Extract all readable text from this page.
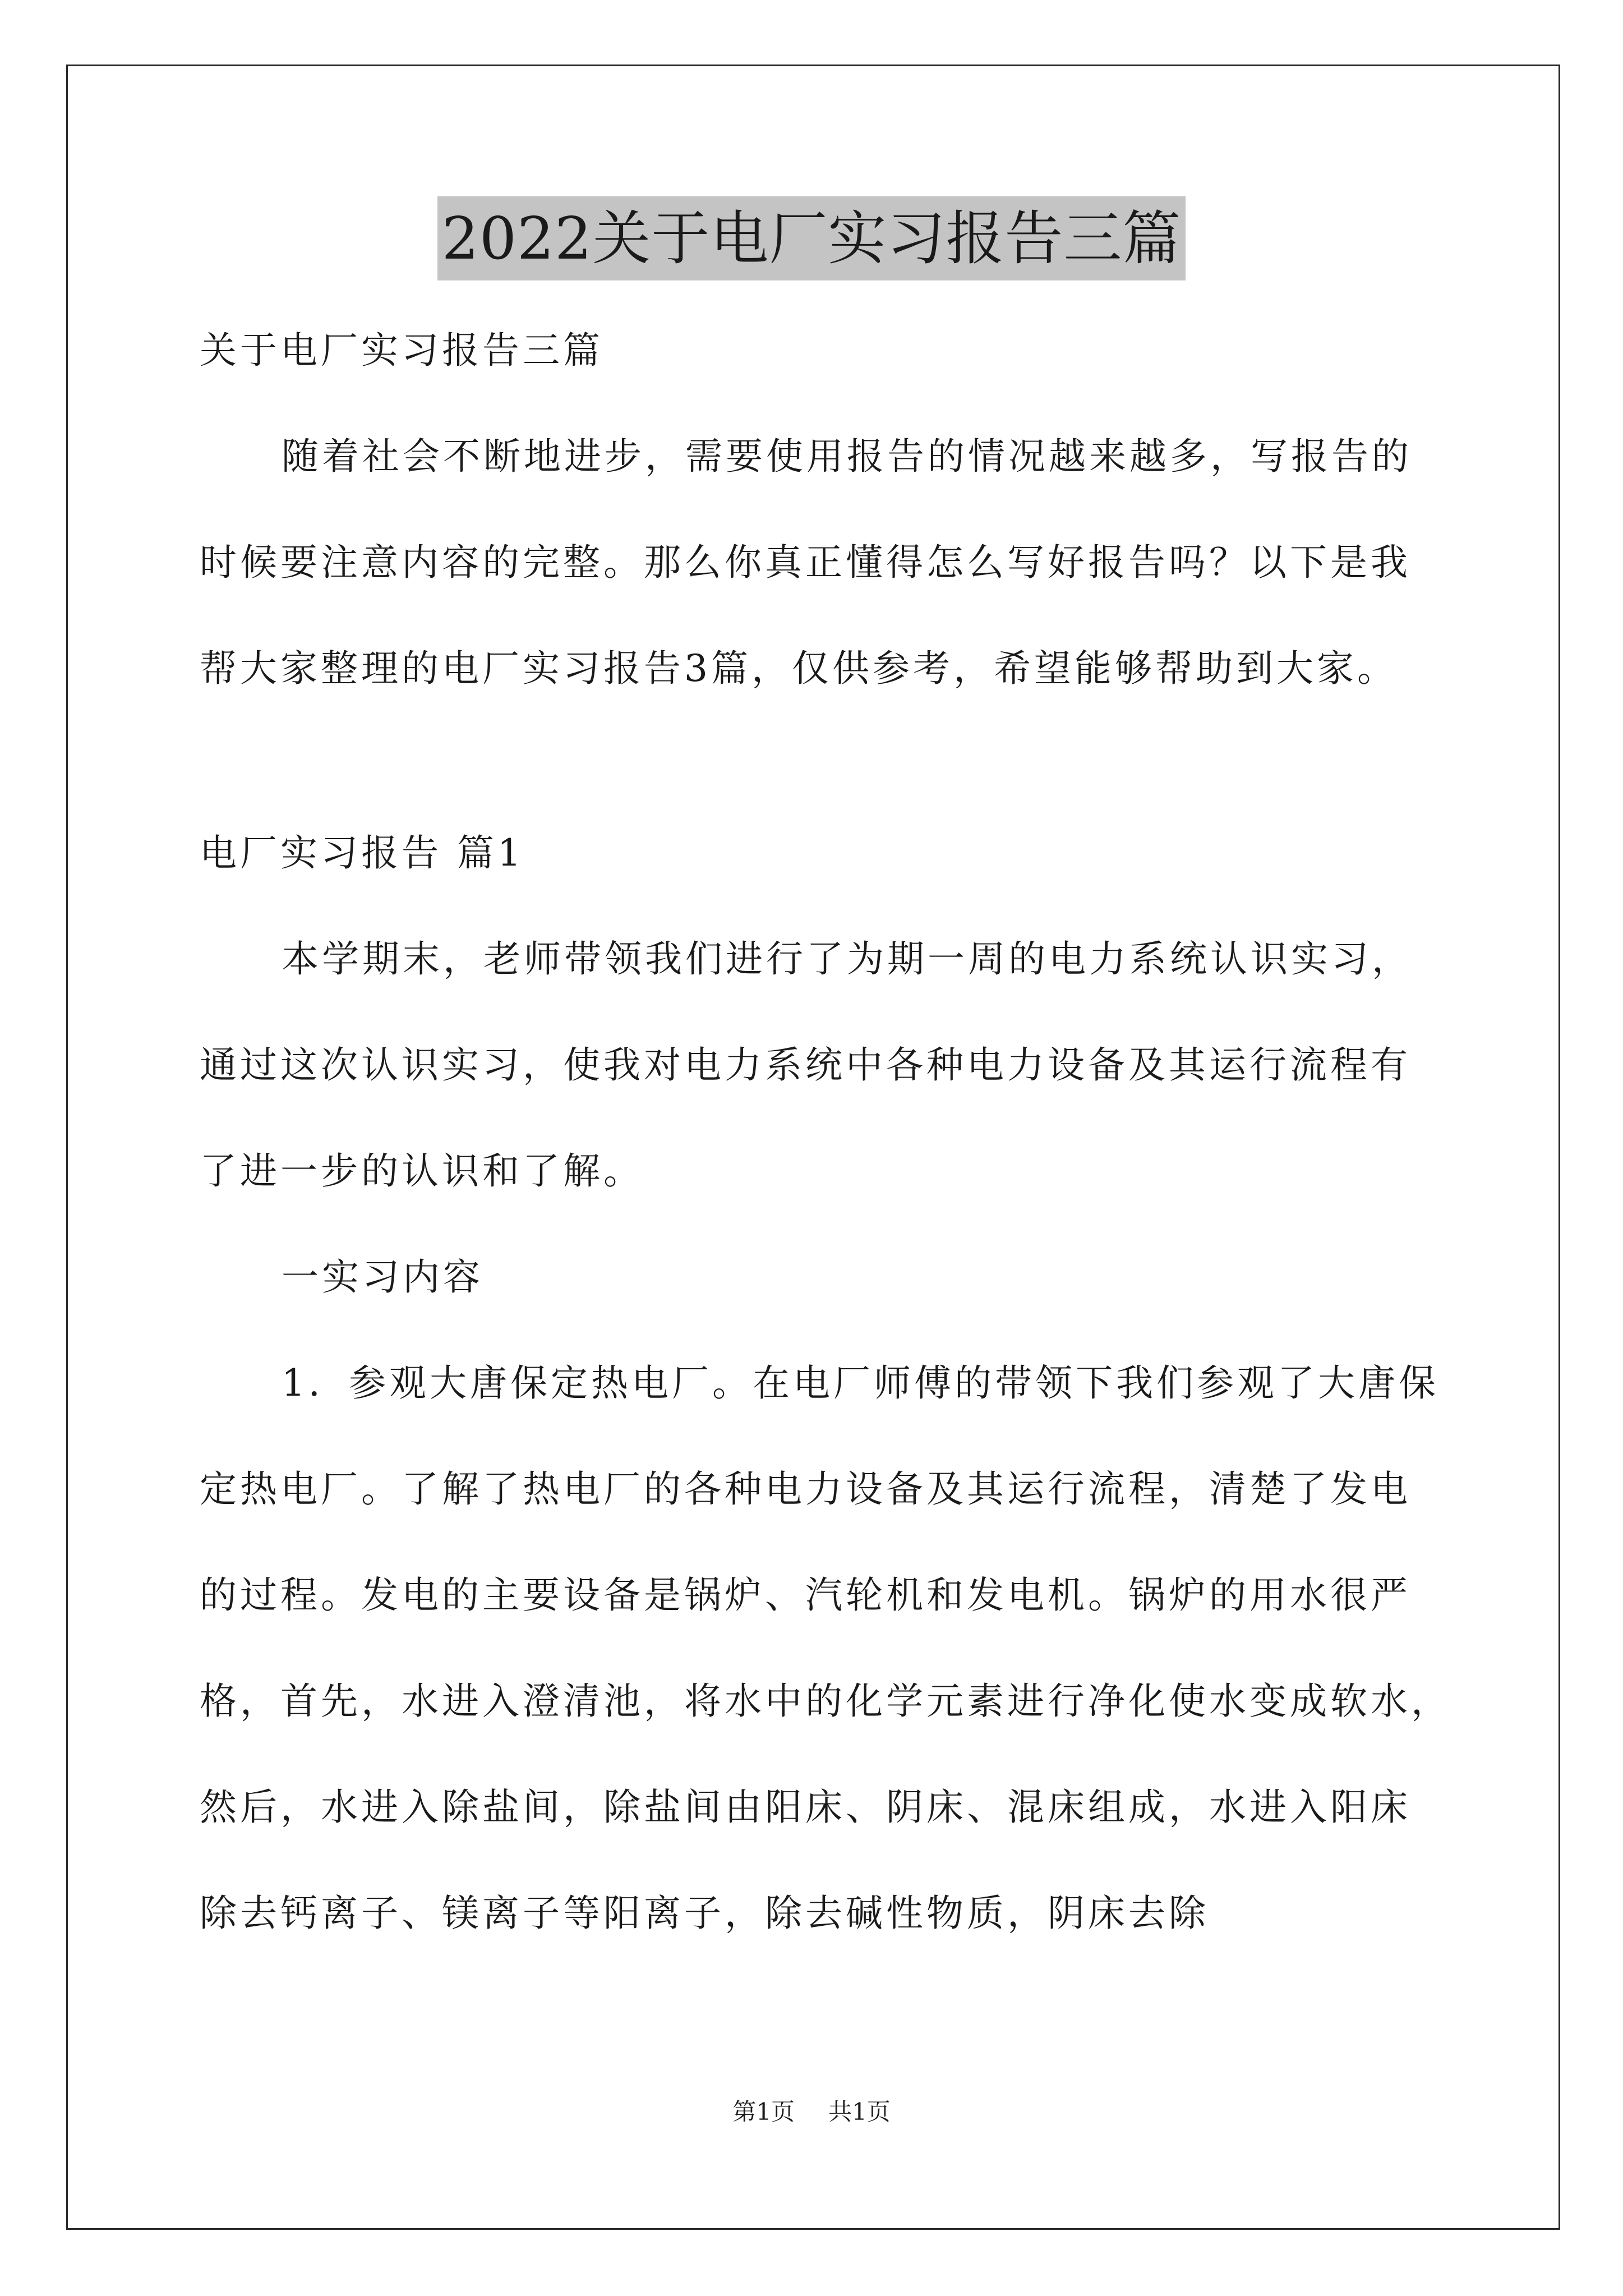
2022关于电厂实习报告三篇

关于电厂实习报告三篇

随着社会不断地进步，需要使用报告的情况越来越多，写报告的

时候要注意内容的完整。那么你真正懂得怎么写好报告吗？以下是我

帮大家整理的电厂实习报告3篇，仅供参考，希望能够帮助到大家。

电厂实习报告 篇1

本学期末，老师带领我们进行了为期一周的电力系统认识实习，

通过这次认识实习，使我对电力系统中各种电力设备及其运行流程有

了进一步的认识和了解。

一实习内容

1．参观大唐保定热电厂。在电厂师傅的带领下我们参观了大唐保

定热电厂。了解了热电厂的各种电力设备及其运行流程，清楚了发电

的过程。发电的主要设备是锅炉、汽轮机和发电机。锅炉的用水很严

格，首先，水进入澄清池，将水中的化学元素进行净化使水变成软水，

然后，水进入除盐间，除盐间由阳床、阴床、混床组成，水进入阳床

除去钙离子、镁离子等阳离子，除去碱性物质，阴床去除

第1页 共1页
